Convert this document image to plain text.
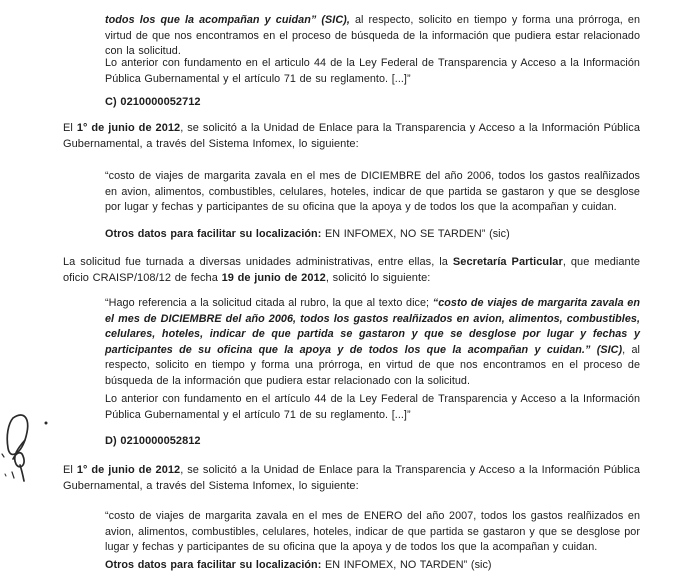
todos los que la acompañan y cuidan” (SIC), al respecto, solicito en tiempo y forma una prórroga, en virtud de que nos encontramos en el proceso de búsqueda de la información que pudiera estar relacionado con la solicitud.

Lo anterior con fundamento en el articulo 44 de la Ley Federal de Transparencia y Acceso a la Información Pública Gubernamental y el artículo 71 de su reglamento. [...]”

C) 0210000052712

El 1° de junio de 2012, se solicitó a la Unidad de Enlace para la Transparencia y Acceso a la Información Pública Gubernamental, a través del Sistema Infomex, lo siguiente:

“costo de viajes de margarita zavala en el mes de DICIEMBRE del año 2006, todos los gastos realñizados en avion, alimentos, combustibles, celulares, hoteles, indicar de que partida se gastaron y que se desglose por lugar y fechas y participantes de su oficina que la apoya y de todos los que la acompañan y cuidan.

Otros datos para facilitar su localización: EN INFOMEX, NO SE TARDEN” (sic)

La solicitud fue turnada a diversas unidades administrativas, entre ellas, la Secretaría Particular, que mediante oficio CRAISP/108/12 de fecha 19 de junio de 2012, solicitó lo siguiente:

“Hago referencia a la solicitud citada al rubro, la que al texto dice; “costo de viajes de margarita zavala en el mes de DICIEMBRE del año 2006, todos los gastos realñizados en avion, alimentos, combustibles, celulares, hoteles, indicar de que partida se gastaron y que se desglose por lugar y fechas y participantes de su oficina que la apoya y de todos los que la acompañan y cuidan.” (SIC), al respecto, solicito en tiempo y forma una prórroga, en virtud de que nos encontramos en el proceso de búsqueda de la información que pudiera estar relacionado con la solicitud.

Lo anterior con fundamento en el artículo 44 de la Ley Federal de Transparencia y Acceso a la Información Pública Gubernamental y el artículo 71 de su reglamento. [...]”

D) 0210000052812

El 1° de junio de 2012, se solicitó a la Unidad de Enlace para la Transparencia y Acceso a la Información Pública Gubernamental, a través del Sistema Infomex, lo siguiente:

“costo de viajes de margarita zavala en el mes de ENERO del año 2007, todos los gastos realñizados en avion, alimentos, combustibles, celulares, hoteles, indicar de que partida se gastaron y que se desglose por lugar y fechas y participantes de su oficina que la apoya y de todos los que la acompañan y cuidan.

Otros datos para facilitar su localización: EN INFOMEX, NO TARDEN” (sic)
